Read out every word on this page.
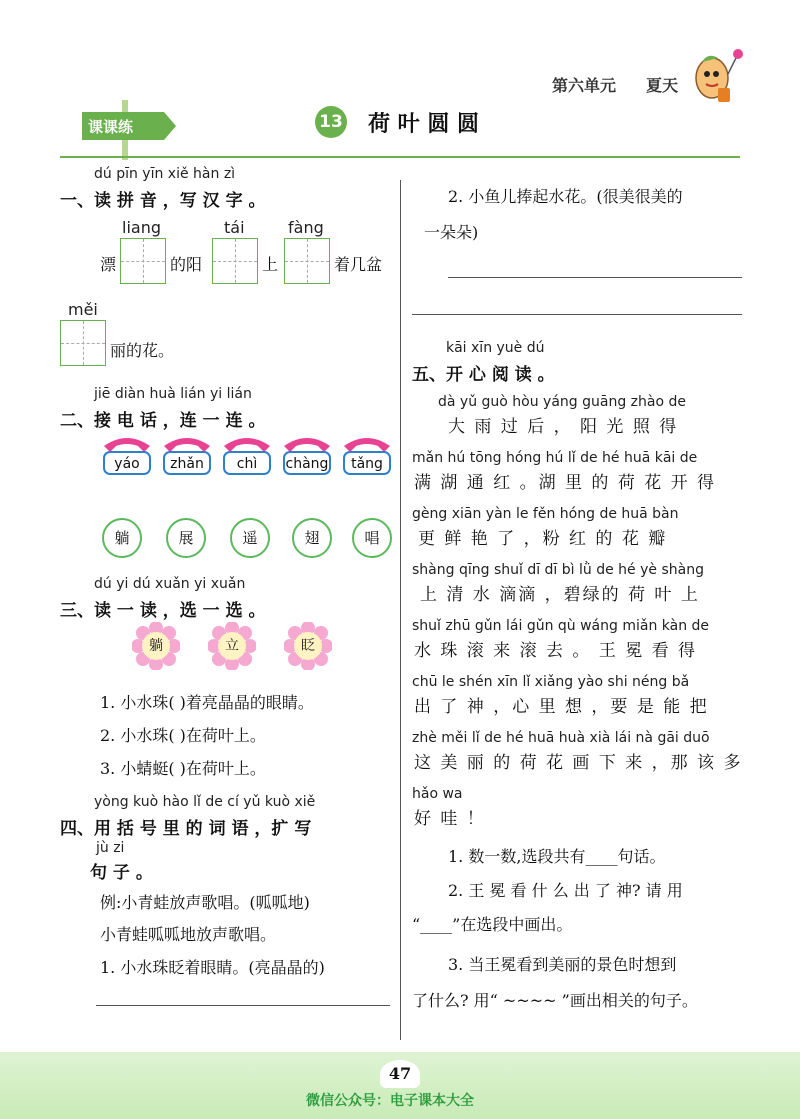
第六单元 夏天
课课练	13 荷 叶 圆 圆
dú pīn yīn xiě hàn zì
一、读 拼 音 ，写 汉 字 。
liang	tái	fàng
漂	的阳	上	着几盆
měi
丽的花。
jiē diàn huà lián yi lián
二、接 电 话 ，连 一 连 。
yáo	zhǎn	chì	chàng	tǎng
躺	展	遥	翅	唱
dú yi dú xuǎn yi xuǎn
三、读 一 读 ，选 一 选 。
躺	立	眨
1. 小水珠( )着亮晶晶的眼睛。
2. 小水珠( )在荷叶上。
3. 小蜻蜓( )在荷叶上。
yòng kuò hào lǐ de cí yǔ kuò xiě
四、用 括 号 里 的 词 语 ，扩 写
jù zi
句 子 。
例:小青蛙放声歌唱。(呱呱地)
小青蛙呱呱地放声歌唱。
1. 小水珠眨着眼睛。(亮晶晶的)
2. 小鱼儿捧起水花。(很美很美的
一朵朵)
kāi xīn yuè dú
五、开 心 阅 读 。
dà yǔ guò hòu yáng guāng zhào de
大 雨 过 后 ， 阳 光 照 得
mǎn hú tōng hóng hú lǐ de hé huā kāi de
满 湖 通 红 。湖 里 的 荷 花 开 得
gèng xiān yàn le fěn hóng de huā bàn
更 鲜 艳 了 ，粉 红 的 花 瓣
shàng qīng shuǐ dī dī bì lǜ de hé yè shàng
上 清 水 滴滴 ，碧绿的 荷 叶 上
shuǐ zhū gǔn lái gǔn qù wáng miǎn kàn de
水 珠 滚 来 滚 去 。 王 冕 看 得
chū le shén xīn lǐ xiǎng yào shi néng bǎ
出 了 神 ，心 里 想 ，要 是 能 把
zhè měi lǐ de hé huā huà xià lái nà gāi duō
这 美 丽 的 荷 花 画 下 来 ，那 该 多
hǎo wa
好 哇 ！
1. 数一数,选段共有____句话。
2. 王 冕 看 什 么 出 了 神? 请 用
“____”在选段中画出。
3. 当王冕看到美丽的景色时想到
了什么? 用“ ~~~~ ”画出相关的句子。
47
微信公众号：电子课本大全
